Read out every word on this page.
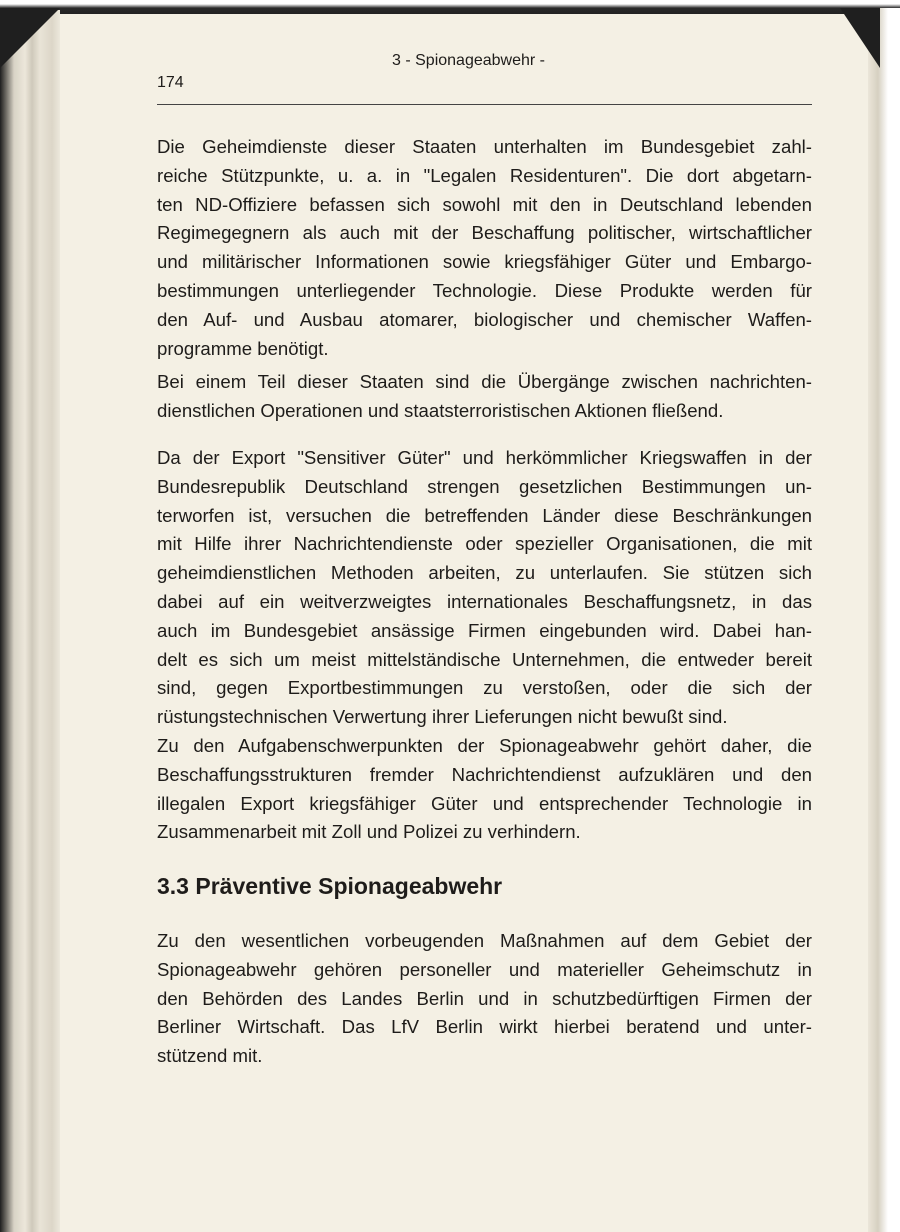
3 - Spionageabwehr -
174
Die Geheimdienste dieser Staaten unterhalten im Bundesgebiet zahl-
reiche Stützpunkte, u. a. in "Legalen Residenturen". Die dort abgetarn-
ten ND-Offiziere befassen sich sowohl mit den in Deutschland lebenden
Regimegegnern als auch mit der Beschaffung politischer, wirtschaftlicher
und militärischer Informationen sowie kriegsfähiger Güter und Embargo-
bestimmungen unterliegender Technologie. Diese Produkte werden für
den Auf- und Ausbau atomarer, biologischer und chemischer Waffen-
programme benötigt.
Bei einem Teil dieser Staaten sind die Übergänge zwischen nachrichten-
dienstlichen Operationen und staatsterroristischen Aktionen fließend.
Da der Export "Sensitiver Güter" und herkömmlicher Kriegswaffen in der
Bundesrepublik Deutschland strengen gesetzlichen Bestimmungen un-
terworfen ist, versuchen die betreffenden Länder diese Beschränkungen
mit Hilfe ihrer Nachrichtendienste oder spezieller Organisationen, die mit
geheimdienstlichen Methoden arbeiten, zu unterlaufen. Sie stützen sich
dabei auf ein weitverzweigtes internationales Beschaffungsnetz, in das
auch im Bundesgebiet ansässige Firmen eingebunden wird. Dabei han-
delt es sich um meist mittelständische Unternehmen, die entweder bereit
sind, gegen Exportbestimmungen zu verstoßen, oder die sich der
rüstungstechnischen Verwertung ihrer Lieferungen nicht bewußt sind.
Zu den Aufgabenschwerpunkten der Spionageabwehr gehört daher, die
Beschaffungsstrukturen fremder Nachrichtendienst aufzuklären und den
illegalen Export kriegsfähiger Güter und entsprechender Technologie in
Zusammenarbeit mit Zoll und Polizei zu verhindern.
3.3 Präventive Spionageabwehr
Zu den wesentlichen vorbeugenden Maßnahmen auf dem Gebiet der
Spionageabwehr gehören personeller und materieller Geheimschutz in
den Behörden des Landes Berlin und in schutzbedürftigen Firmen der
Berliner Wirtschaft. Das LfV Berlin wirkt hierbei beratend und unter-
stützend mit.
